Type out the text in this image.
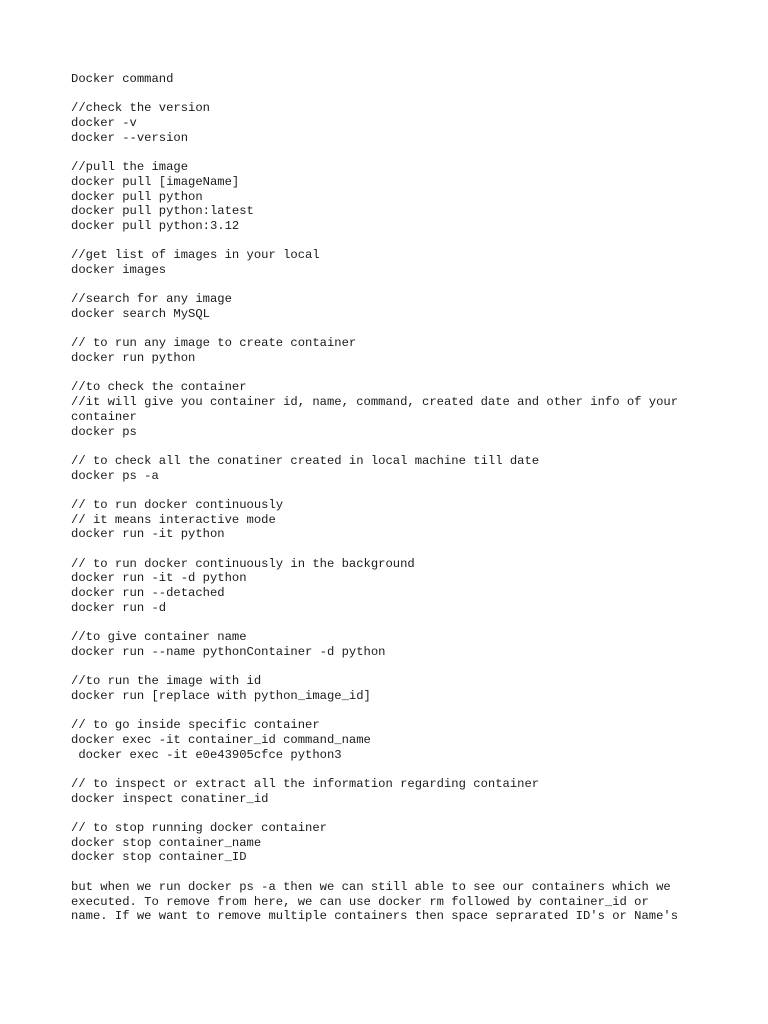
Docker command
//check the version
docker -v
docker --version
//pull the image
docker pull [imageName]
docker pull python
docker pull python:latest
docker pull python:3.12
//get list of images in your local
docker images
//search for any image
docker search MySQL
// to run any image to create container
docker run python
//to check the container
//it will give you container id, name, command, created date and other info of your
container
docker ps
// to check all the conatiner created in local machine till date
docker ps -a
// to run docker continuously
// it means interactive mode
docker run -it python
// to run docker continuously in the background
docker run -it -d python
docker run --detached
docker run -d
//to give container name
docker run --name pythonContainer -d python
//to run the image with id
docker run [replace with python_image_id]
// to go inside specific container
docker exec -it container_id command_name
docker exec -it e0e43905cfce python3
// to inspect or extract all the information regarding container
docker inspect conatiner_id
// to stop running docker container
docker stop container_name
docker stop container_ID
but when we run docker ps -a then we can still able to see our containers which we
executed. To remove from here, we can use docker rm followed by container_id or
name. If we want to remove multiple containers then space seprarated ID's or Name's
